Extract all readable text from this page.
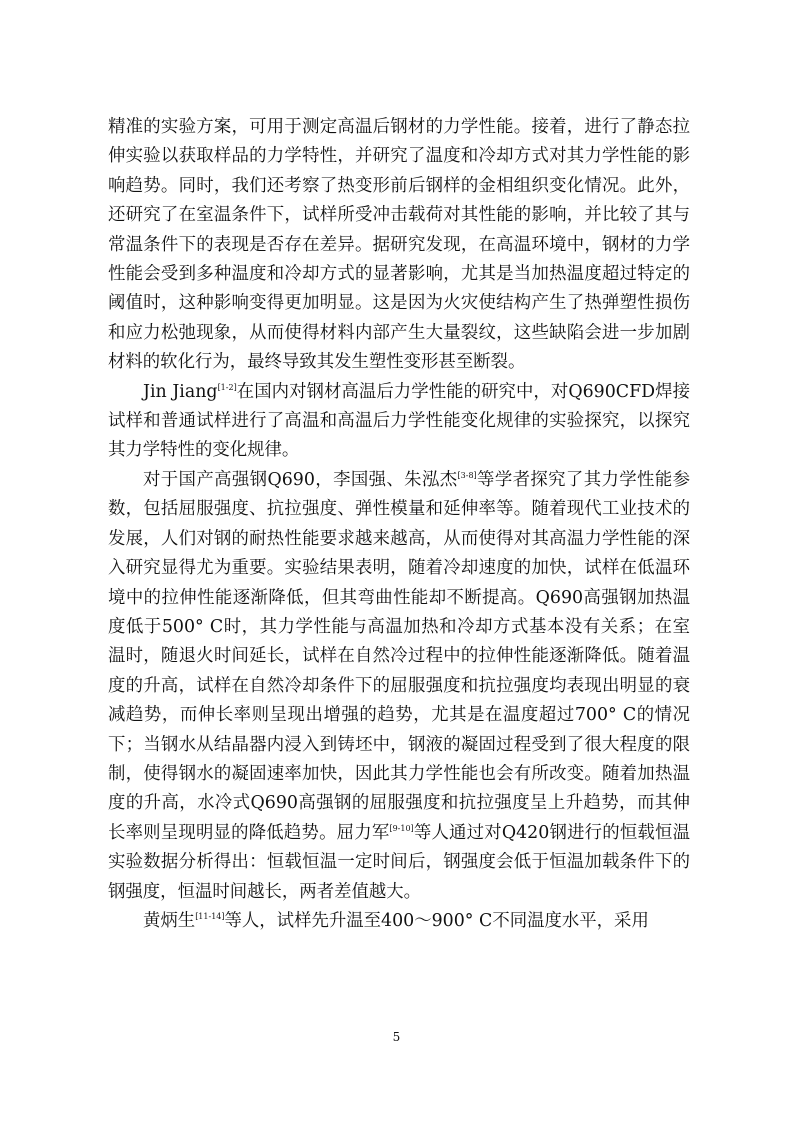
精准的实验方案，可用于测定高温后钢材的力学性能。接着，进行了静态拉伸实验以获取样品的力学特性，并研究了温度和冷却方式对其力学性能的影响趋势。同时，我们还考察了热变形前后钢样的金相组织变化情况。此外，还研究了在室温条件下，试样所受冲击载荷对其性能的影响，并比较了其与常温条件下的表现是否存在差异。据研究发现，在高温环境中，钢材的力学性能会受到多种温度和冷却方式的显著影响，尤其是当加热温度超过特定的阈值时，这种影响变得更加明显。这是因为火灾使结构产生了热弹塑性损伤和应力松弛现象，从而使得材料内部产生大量裂纹，这些缺陷会进一步加剧材料的软化行为，最终导致其发生塑性变形甚至断裂。

Jin Jiang[1-2]在国内对钢材高温后力学性能的研究中，对Q690CFD焊接试样和普通试样进行了高温和高温后力学性能变化规律的实验探究，以探究其力学特性的变化规律。

对于国产高强钢Q690，李国强、朱泓杰[3-8]等学者探究了其力学性能参数，包括屈服强度、抗拉强度、弹性模量和延伸率等。随着现代工业技术的发展，人们对钢的耐热性能要求越来越高，从而使得对其高温力学性能的深入研究显得尤为重要。实验结果表明，随着冷却速度的加快，试样在低温环境中的拉伸性能逐渐降低，但其弯曲性能却不断提高。Q690高强钢加热温度低于500° C时，其力学性能与高温加热和冷却方式基本没有关系；在室温时，随退火时间延长，试样在自然冷过程中的拉伸性能逐渐降低。随着温度的升高，试样在自然冷却条件下的屈服强度和抗拉强度均表现出明显的衰减趋势，而伸长率则呈现出增强的趋势，尤其是在温度超过700° C的情况下；当钢水从结晶器内浸入到铸坯中，钢液的凝固过程受到了很大程度的限制，使得钢水的凝固速率加快，因此其力学性能也会有所改变。随着加热温度的升高，水冷式Q690高强钢的屈服强度和抗拉强度呈上升趋势，而其伸长率则呈现明显的降低趋势。屈力军[9-10]等人通过对Q420钢进行的恒载恒温实验数据分析得出：恒载恒温一定时间后，钢强度会低于恒温加载条件下的钢强度，恒温时间越长，两者差值越大。

黄炳生[11-14]等人，试样先升温至400～900° C不同温度水平，采用

5
